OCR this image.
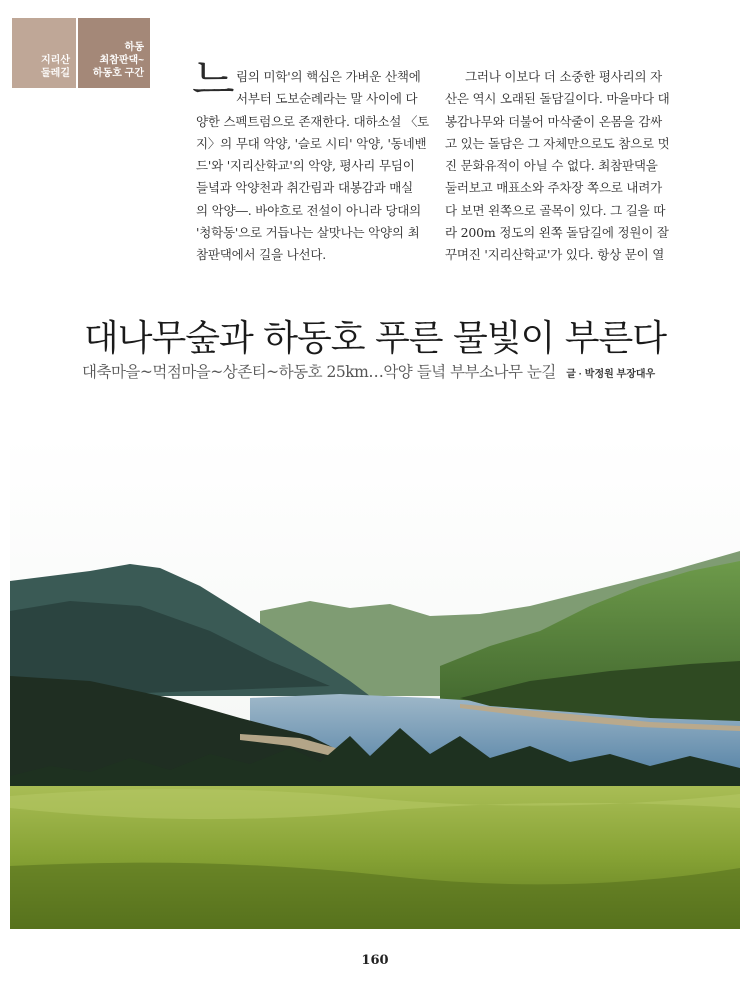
지리산
둘레길
하동
최참판댁~
하동호 구간 느 림의 미학'의 핵심은 가벼운 산책에

서부터 도보순례라는 말 사이에 다

양한 스펙트럼으로 존재한다. 대하소설 〈토

지〉의 무대 악양, '슬로 시티' 악양, '동네밴

드'와 '지리산학교'의 악양, 평사리 무딤이

들녘과 악양천과 취간림과 대봉감과 매실

의 악양―. 바야흐로 전설이 아니라 당대의

'청학동'으로 거듭나는 살맛나는 악양의 최

참판댁에서 길을 나선다.

그러나 이보다 더 소중한 평사리의 자

산은 역시 오래된 돌담길이다. 마을마다 대

봉감나무와 더불어 마삭줄이 온몸을 감싸

고 있는 돌담은 그 자체만으로도 참으로 멋

진 문화유적이 아닐 수 없다. 최참판댁을

둘러보고 매표소와 주차장 쪽으로 내려가

다 보면 왼쪽으로 골목이 있다. 그 길을 따

라 200m 정도의 왼쪽 돌담길에 정원이 잘

꾸며진 '지리산학교'가 있다. 항상 문이 열

대나무숲과 하동호 푸른 물빛이 부른다
대축마을~먹점마을~상존티~하동호 25km…악양 들녘 부부소나무 눈길 글 · 박정원 부장대우
160
